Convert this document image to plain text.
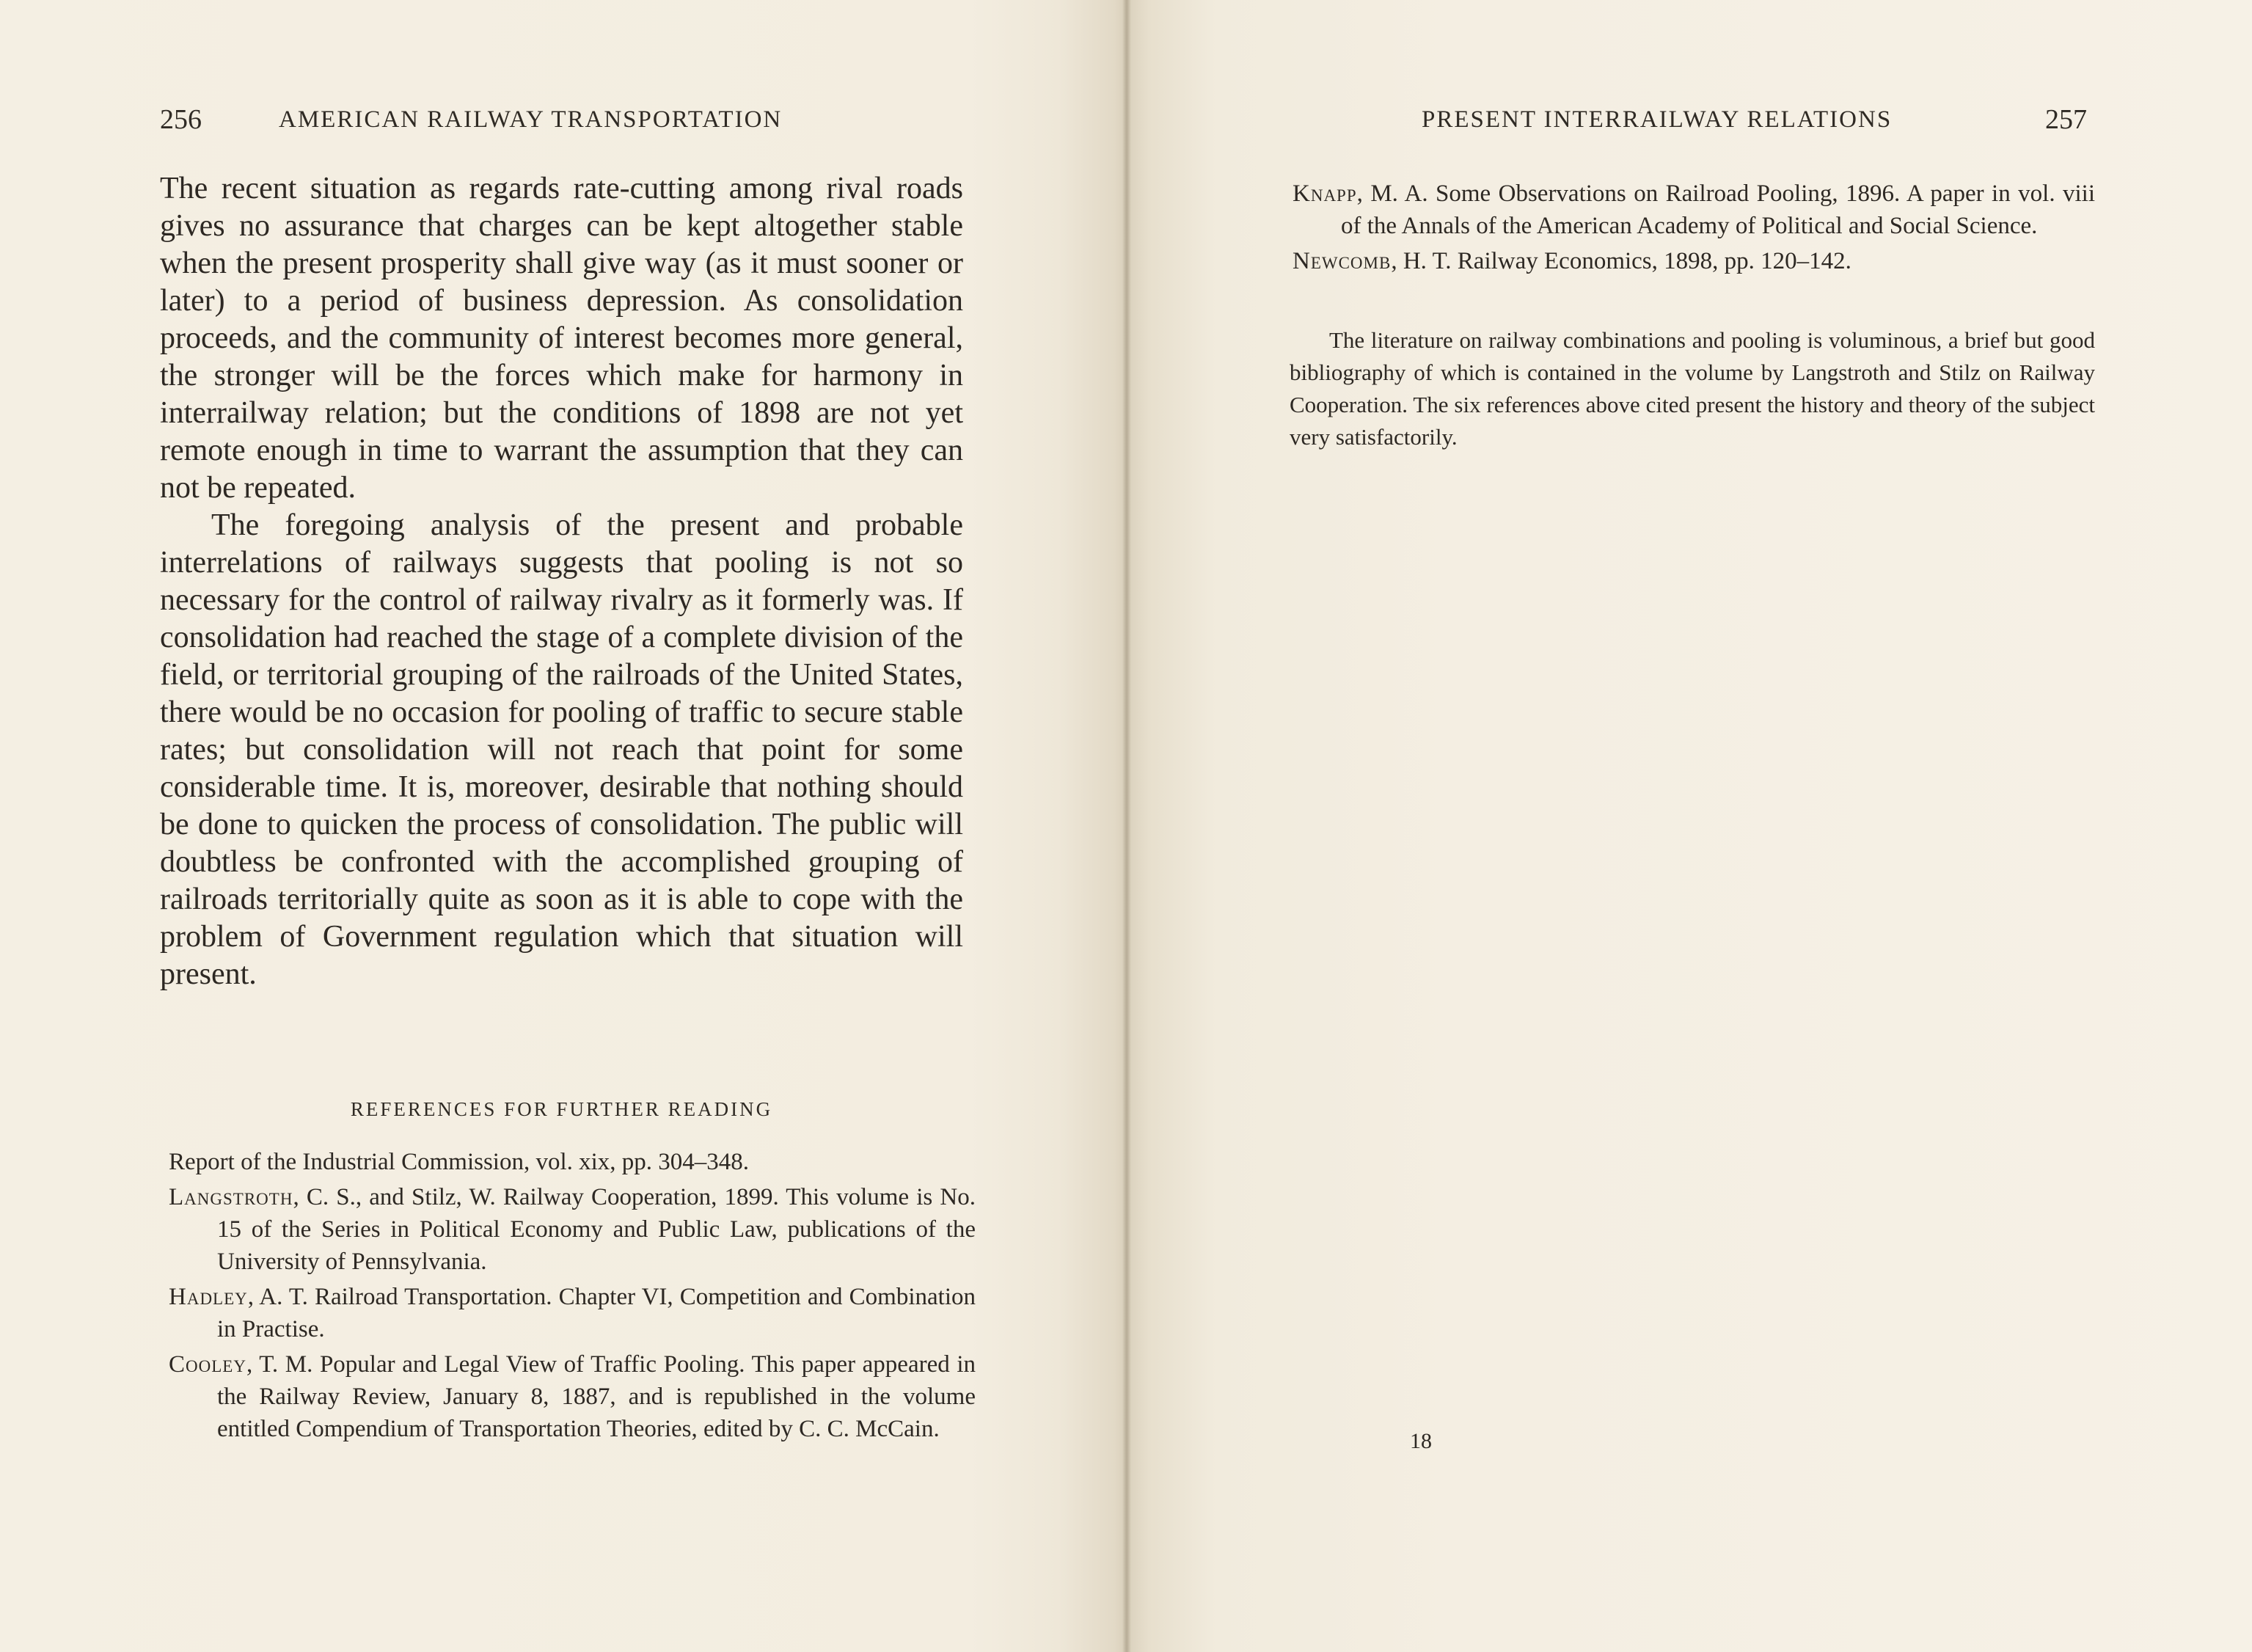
256	AMERICAN RAILWAY TRANSPORTATION

The recent situation as regards rate-cutting among rival roads gives no assurance that charges can be kept altogether stable when the present prosperity shall give way (as it must sooner or later) to a period of business depression. As consolidation proceeds, and the community of interest becomes more general, the stronger will be the forces which make for harmony in interrailway relation; but the conditions of 1898 are not yet remote enough in time to warrant the assumption that they can not be repeated.

The foregoing analysis of the present and probable interrelations of railways suggests that pooling is not so necessary for the control of railway rivalry as it formerly was. If consolidation had reached the stage of a complete division of the field, or territorial grouping of the railroads of the United States, there would be no occasion for pooling of traffic to secure stable rates; but consolidation will not reach that point for some considerable time. It is, moreover, desirable that nothing should be done to quicken the process of consolidation. The public will doubtless be confronted with the accomplished grouping of railroads territorially quite as soon as it is able to cope with the problem of Government regulation which that situation will present.

REFERENCES FOR FURTHER READING

Report of the Industrial Commission, vol. xix, pp. 304–348.

Langstroth, C. S., and Stilz, W. Railway Cooperation, 1899. This volume is No. 15 of the Series in Political Economy and Public Law, publications of the University of Pennsylvania.

Hadley, A. T. Railroad Transportation. Chapter VI, Competition and Combination in Practise.

Cooley, T. M. Popular and Legal View of Traffic Pooling. This paper appeared in the Railway Review, January 8, 1887, and is republished in the volume entitled Compendium of Transportation Theories, edited by C. C. McCain.

PRESENT INTERRAILWAY RELATIONS	257

Knapp, M. A. Some Observations on Railroad Pooling, 1896. A paper in vol. viii of the Annals of the American Academy of Political and Social Science.

Newcomb, H. T. Railway Economics, 1898, pp. 120–142.

The literature on railway combinations and pooling is voluminous, a brief but good bibliography of which is contained in the volume by Langstroth and Stilz on Railway Cooperation. The six references above cited present the history and theory of the subject very satisfactorily.
18
